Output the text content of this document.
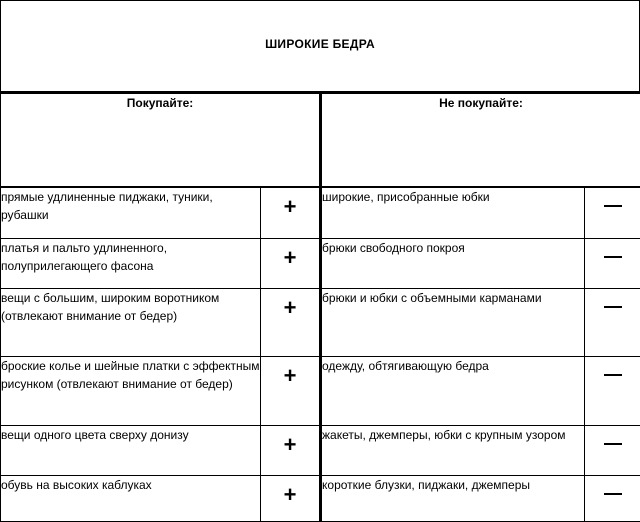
ШИРОКИЕ БЕДРА
Покупайте:		Не покупайте:	
прямые удлиненные пиджаки, туники, рубашки	+	широкие, присобранные юбки	

платья и пальто удлиненного, полуприлегающего фасона	+	брюки свободного покроя	

вещи с большим, широким воротником (отвлекают внимание от бедер)	+	брюки и юбки с объемными карманами	

броские колье и шейные платки с эффектным рисунком (отвлекают внимание от бедер)	+	одежду, обтягивающую бедра	

вещи одного цвета сверху донизу	+	жакеты, джемперы, юбки с крупным узором	

обувь на высоких каблуках	+	короткие блузки, пиджаки, джемперы	
